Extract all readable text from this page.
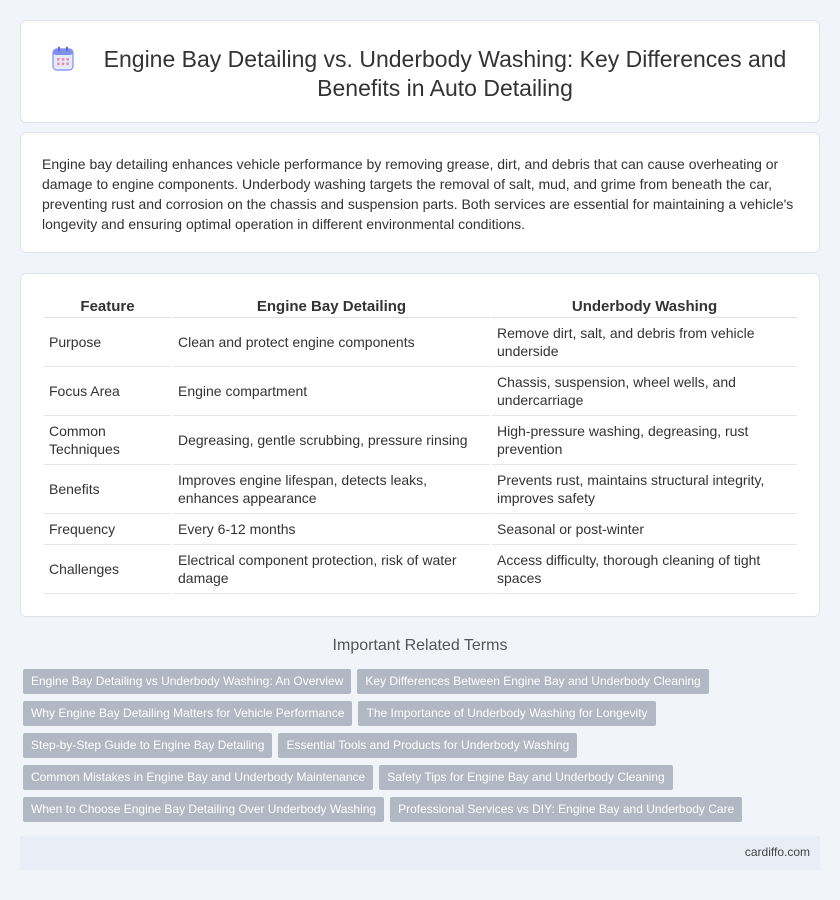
Engine Bay Detailing vs. Underbody Washing: Key Differences and Benefits in Auto Detailing

Engine bay detailing enhances vehicle performance by removing grease, dirt, and debris that can cause overheating or damage to engine components. Underbody washing targets the removal of salt, mud, and grime from beneath the car, preventing rust and corrosion on the chassis and suspension parts. Both services are essential for maintaining a vehicle's longevity and ensuring optimal operation in different environmental conditions.

Feature	Engine Bay Detailing	Underbody Washing
Purpose	Clean and protect engine components	Remove dirt, salt, and debris from vehicle underside
Focus Area	Engine compartment	Chassis, suspension, wheel wells, and undercarriage
Common Techniques	Degreasing, gentle scrubbing, pressure rinsing	High-pressure washing, degreasing, rust prevention
Benefits	Improves engine lifespan, detects leaks, enhances appearance	Prevents rust, maintains structural integrity, improves safety
Frequency	Every 6-12 months	Seasonal or post-winter
Challenges	Electrical component protection, risk of water damage	Access difficulty, thorough cleaning of tight spaces
Important Related Terms
Engine Bay Detailing vs Underbody Washing: An Overview Key Differences Between Engine Bay and Underbody Cleaning
Why Engine Bay Detailing Matters for Vehicle Performance The Importance of Underbody Washing for Longevity
Step-by-Step Guide to Engine Bay Detailing Essential Tools and Products for Underbody Washing
Common Mistakes in Engine Bay and Underbody Maintenance Safety Tips for Engine Bay and Underbody Cleaning
When to Choose Engine Bay Detailing Over Underbody Washing Professional Services vs DIY: Engine Bay and Underbody Care
cardiffo.com
